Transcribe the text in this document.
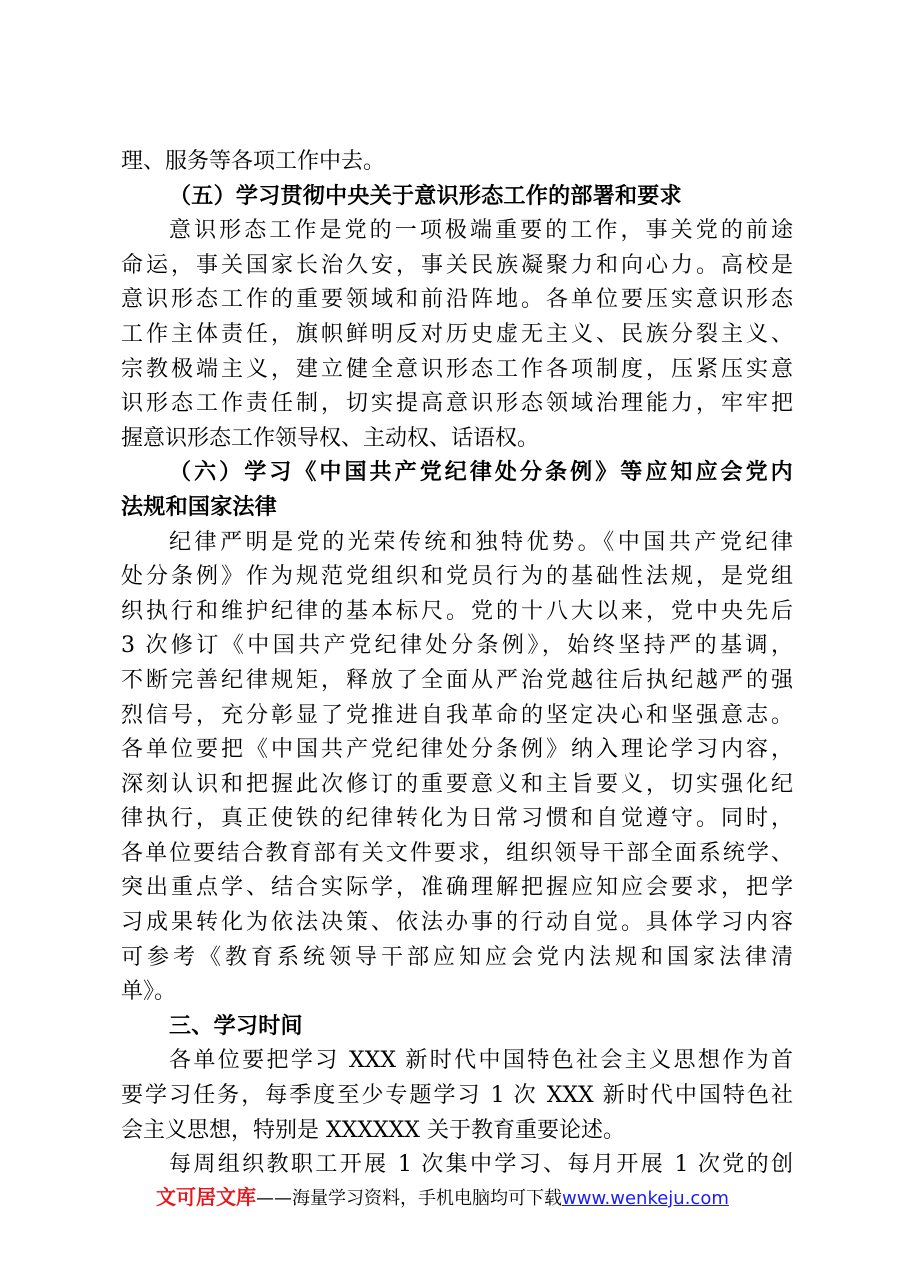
理、服务等各项工作中去。
（五）学习贯彻中央关于意识形态工作的部署和要求
意识形态工作是党的一项极端重要的工作，事关党的前途
命运，事关国家长治久安，事关民族凝聚力和向心力。高校是
意识形态工作的重要领域和前沿阵地。各单位要压实意识形态
工作主体责任，旗帜鲜明反对历史虚无主义、民族分裂主义、
宗教极端主义，建立健全意识形态工作各项制度，压紧压实意
识形态工作责任制，切实提高意识形态领域治理能力，牢牢把
握意识形态工作领导权、主动权、话语权。
（六）学习《中国共产党纪律处分条例》等应知应会党内
法规和国家法律
纪律严明是党的光荣传统和独特优势。《中国共产党纪律
处分条例》作为规范党组织和党员行为的基础性法规，是党组
织执行和维护纪律的基本标尺。党的十八大以来，党中央先后
3 次修订《中国共产党纪律处分条例》，始终坚持严的基调，
不断完善纪律规矩，释放了全面从严治党越往后执纪越严的强
烈信号，充分彰显了党推进自我革命的坚定决心和坚强意志。
各单位要把《中国共产党纪律处分条例》纳入理论学习内容，
深刻认识和把握此次修订的重要意义和主旨要义，切实强化纪
律执行，真正使铁的纪律转化为日常习惯和自觉遵守。同时，
各单位要结合教育部有关文件要求，组织领导干部全面系统学、
突出重点学、结合实际学，准确理解把握应知应会要求，把学
习成果转化为依法决策、依法办事的行动自觉。具体学习内容
可参考《教育系统领导干部应知应会党内法规和国家法律清
单》。
三、学习时间
各单位要把学习 XXX 新时代中国特色社会主义思想作为首
要学习任务，每季度至少专题学习 1 次 XXX 新时代中国特色社
会主义思想，特别是 XXXXXX 关于教育重要论述。
每周组织教职工开展 1 次集中学习、每月开展 1 次党的创
文可居文库——海量学习资料，手机电脑均可下载www.wenkeju.com
